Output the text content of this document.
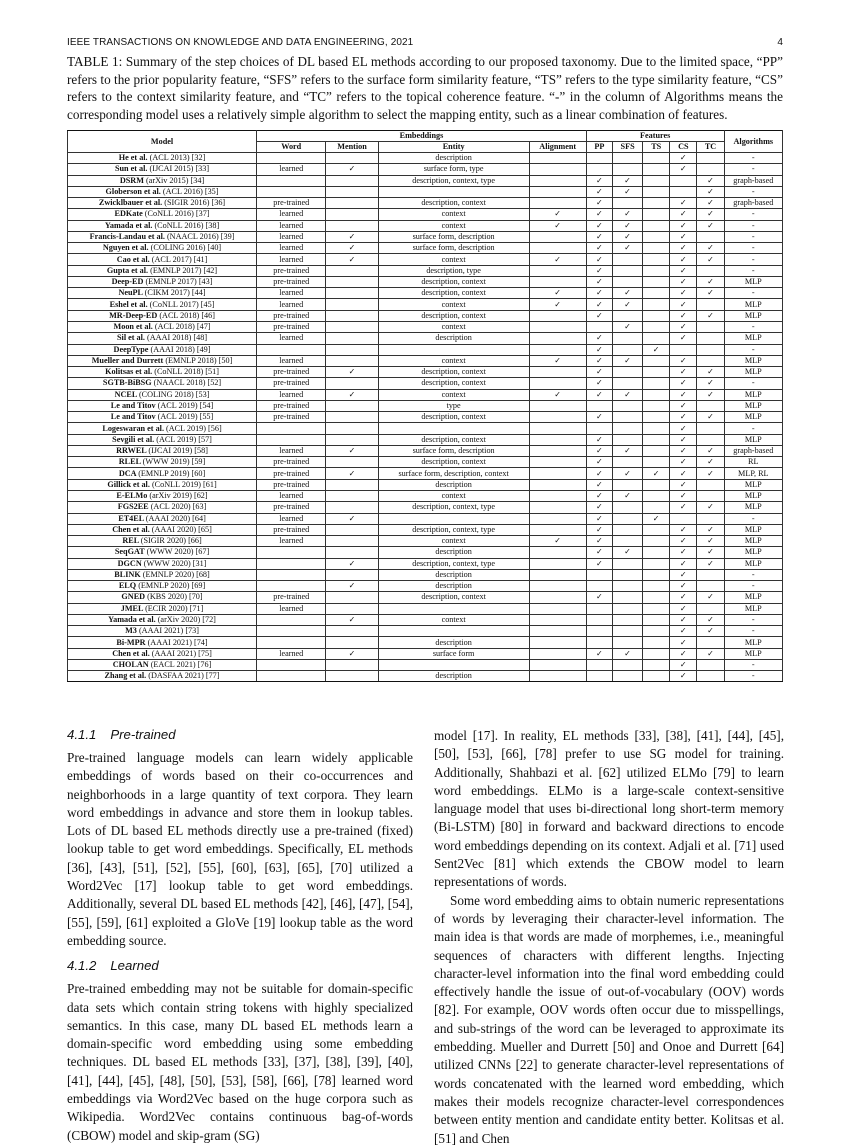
IEEE TRANSACTIONS ON KNOWLEDGE AND DATA ENGINEERING, 2021	4
TABLE 1: Summary of the step choices of DL based EL methods according to our proposed taxonomy. Due to the limited space, “PP” refers to the prior popularity feature, “SFS” refers to the surface form similarity feature, “TS” refers to the type similarity feature, “CS” refers to the context similarity feature, and “TC” refers to the topical coherence feature. “-” in the column of Algorithms means the corresponding model uses a relatively simple algorithm to select the mapping entity, such as a linear combination of features.
Model	Embeddings				Features					Algorithms
	Word	Mention	Entity	Alignment	PP	SFS	TS	CS	TC	
He et al. (ACL 2013) [32]			description					✓		-
Sun et al. (IJCAI 2015) [33]	learned	✓	surface form, type					✓		-
DSRM (arXiv 2015) [34]			description, context, type		✓	✓			✓	graph-based
Globerson et al. (ACL 2016) [35]					✓	✓			✓	-
Zwicklbauer et al. (SIGIR 2016) [36]	pre-trained		description, context		✓			✓	✓	graph-based
EDKate (CoNLL 2016) [37]	learned		context	✓	✓	✓		✓	✓	-
Yamada et al. (CoNLL 2016) [38]	learned		context	✓	✓	✓		✓	✓	-
Francis-Landau et al. (NAACL 2016) [39]	learned	✓	surface form, description		✓	✓		✓		-
Nguyen et al. (COLING 2016) [40]	learned	✓	surface form, description		✓	✓		✓	✓	-
Cao et al. (ACL 2017) [41]	learned	✓	context	✓	✓			✓	✓	-
Gupta et al. (EMNLP 2017) [42]	pre-trained		description, type		✓			✓		-
Deep-ED (EMNLP 2017) [43]	pre-trained		description, context		✓			✓	✓	MLP
NeuPL (CIKM 2017) [44]	learned		description, context	✓	✓	✓		✓	✓	-
Eshel et al. (CoNLL 2017) [45]	learned		context	✓	✓	✓		✓		MLP
MR-Deep-ED (ACL 2018) [46]	pre-trained		description, context		✓			✓	✓	MLP
Moon et al. (ACL 2018) [47]	pre-trained		context			✓		✓		-
Sil et al. (AAAI 2018) [48]	learned		description		✓			✓		MLP
DeepType (AAAI 2018) [49]					✓		✓			-
Mueller and Durrett (EMNLP 2018) [50]	learned		context	✓	✓	✓		✓		MLP
Kolitsas et al. (CoNLL 2018) [51]	pre-trained	✓	description, context		✓			✓	✓	MLP
SGTB-BiBSG (NAACL 2018) [52]	pre-trained		description, context		✓			✓	✓	-
NCEL (COLING 2018) [53]	learned	✓	context	✓	✓	✓		✓	✓	MLP
Le and Titov (ACL 2019) [54]	pre-trained		type					✓		MLP
Le and Titov (ACL 2019) [55]	pre-trained		description, context		✓			✓	✓	MLP
Logeswaran et al. (ACL 2019) [56]								✓		-
Sevgili et al. (ACL 2019) [57]			description, context		✓			✓		MLP
RRWEL (IJCAI 2019) [58]	learned	✓	surface form, description		✓	✓		✓	✓	graph-based
RLEL (WWW 2019) [59]	pre-trained		description, context		✓			✓	✓	RL
DCA (EMNLP 2019) [60]	pre-trained	✓	surface form, description, context		✓	✓	✓	✓	✓	MLP, RL
Gillick et al. (CoNLL 2019) [61]	pre-trained		description		✓			✓		MLP
E-ELMo (arXiv 2019) [62]	learned		context		✓	✓		✓		MLP
FGS2EE (ACL 2020) [63]	pre-trained		description, context, type		✓			✓	✓	MLP
ET4EL (AAAI 2020) [64]	learned	✓			✓		✓			-
Chen et al. (AAAI 2020) [65]	pre-trained		description, context, type		✓			✓	✓	MLP
REL (SIGIR 2020) [66]	learned		context	✓	✓			✓	✓	MLP
SeqGAT (WWW 2020) [67]			description		✓	✓		✓	✓	MLP
DGCN (WWW 2020) [31]		✓	description, context, type		✓			✓	✓	MLP
BLINK (EMNLP 2020) [68]			description					✓		-
ELQ (EMNLP 2020) [69]		✓	description					✓		-
GNED (KBS 2020) [70]	pre-trained		description, context		✓			✓	✓	MLP
JMEL (ECIR 2020) [71]	learned							✓		MLP
Yamada et al. (arXiv 2020) [72]		✓	context					✓	✓	-
M3 (AAAI 2021) [73]								✓	✓	-
Bi-MPR (AAAI 2021) [74]			description					✓		MLP
Chen et al. (AAAI 2021) [75]	learned	✓	surface form		✓	✓		✓	✓	MLP
CHOLAN (EACL 2021) [76]								✓		-
Zhang et al. (DASFAA 2021) [77]			description					✓		-
4.1.1 Pre-trained

Pre-trained language models can learn widely applicable embeddings of words based on their co-occurrences and neighborhoods in a large quantity of text corpora. They learn word embeddings in advance and store them in lookup tables. Lots of DL based EL methods directly use a pre-trained (fixed) lookup table to get word embeddings. Specifically, EL methods [36], [43], [51], [52], [55], [60], [63], [65], [70] utilized a Word2Vec [17] lookup table to get word embeddings. Additionally, several DL based EL methods [42], [46], [47], [54], [55], [59], [61] exploited a GloVe [19] lookup table as the word embedding source.

4.1.2 Learned

Pre-trained embedding may not be suitable for domain-specific data sets which contain string tokens with highly specialized semantics. In this case, many DL based EL methods learn a domain-specific word embedding using some embedding techniques. DL based EL methods [33], [37], [38], [39], [40], [41], [44], [45], [48], [50], [53], [58], [66], [78] learned word embeddings via Word2Vec based on the huge corpora such as Wikipedia. Word2Vec contains continuous bag-of-words (CBOW) model and skip-gram (SG)

model [17]. In reality, EL methods [33], [38], [41], [44], [45], [50], [53], [66], [78] prefer to use SG model for training. Additionally, Shahbazi et al. [62] utilized ELMo [79] to learn word embeddings. ELMo is a large-scale context-sensitive language model that uses bi-directional long short-term memory (Bi-LSTM) [80] in forward and backward directions to encode word embeddings depending on its context. Adjali et al. [71] used Sent2Vec [81] which extends the CBOW model to learn representations of words.

Some word embedding aims to obtain numeric representations of words by leveraging their character-level information. The main idea is that words are made of morphemes, i.e., meaningful sequences of characters with different lengths. Injecting character-level information into the final word embedding could effectively handle the issue of out-of-vocabulary (OOV) words [82]. For example, OOV words often occur due to misspellings, and sub-strings of the word can be leveraged to approximate its embedding. Mueller and Durrett [50] and Onoe and Durrett [64] utilized CNNs [22] to generate character-level representations of words concatenated with the learned word embedding, which makes their models recognize character-level correspondences between entity mention and candidate entity better. Kolitsas et al. [51] and Chen
